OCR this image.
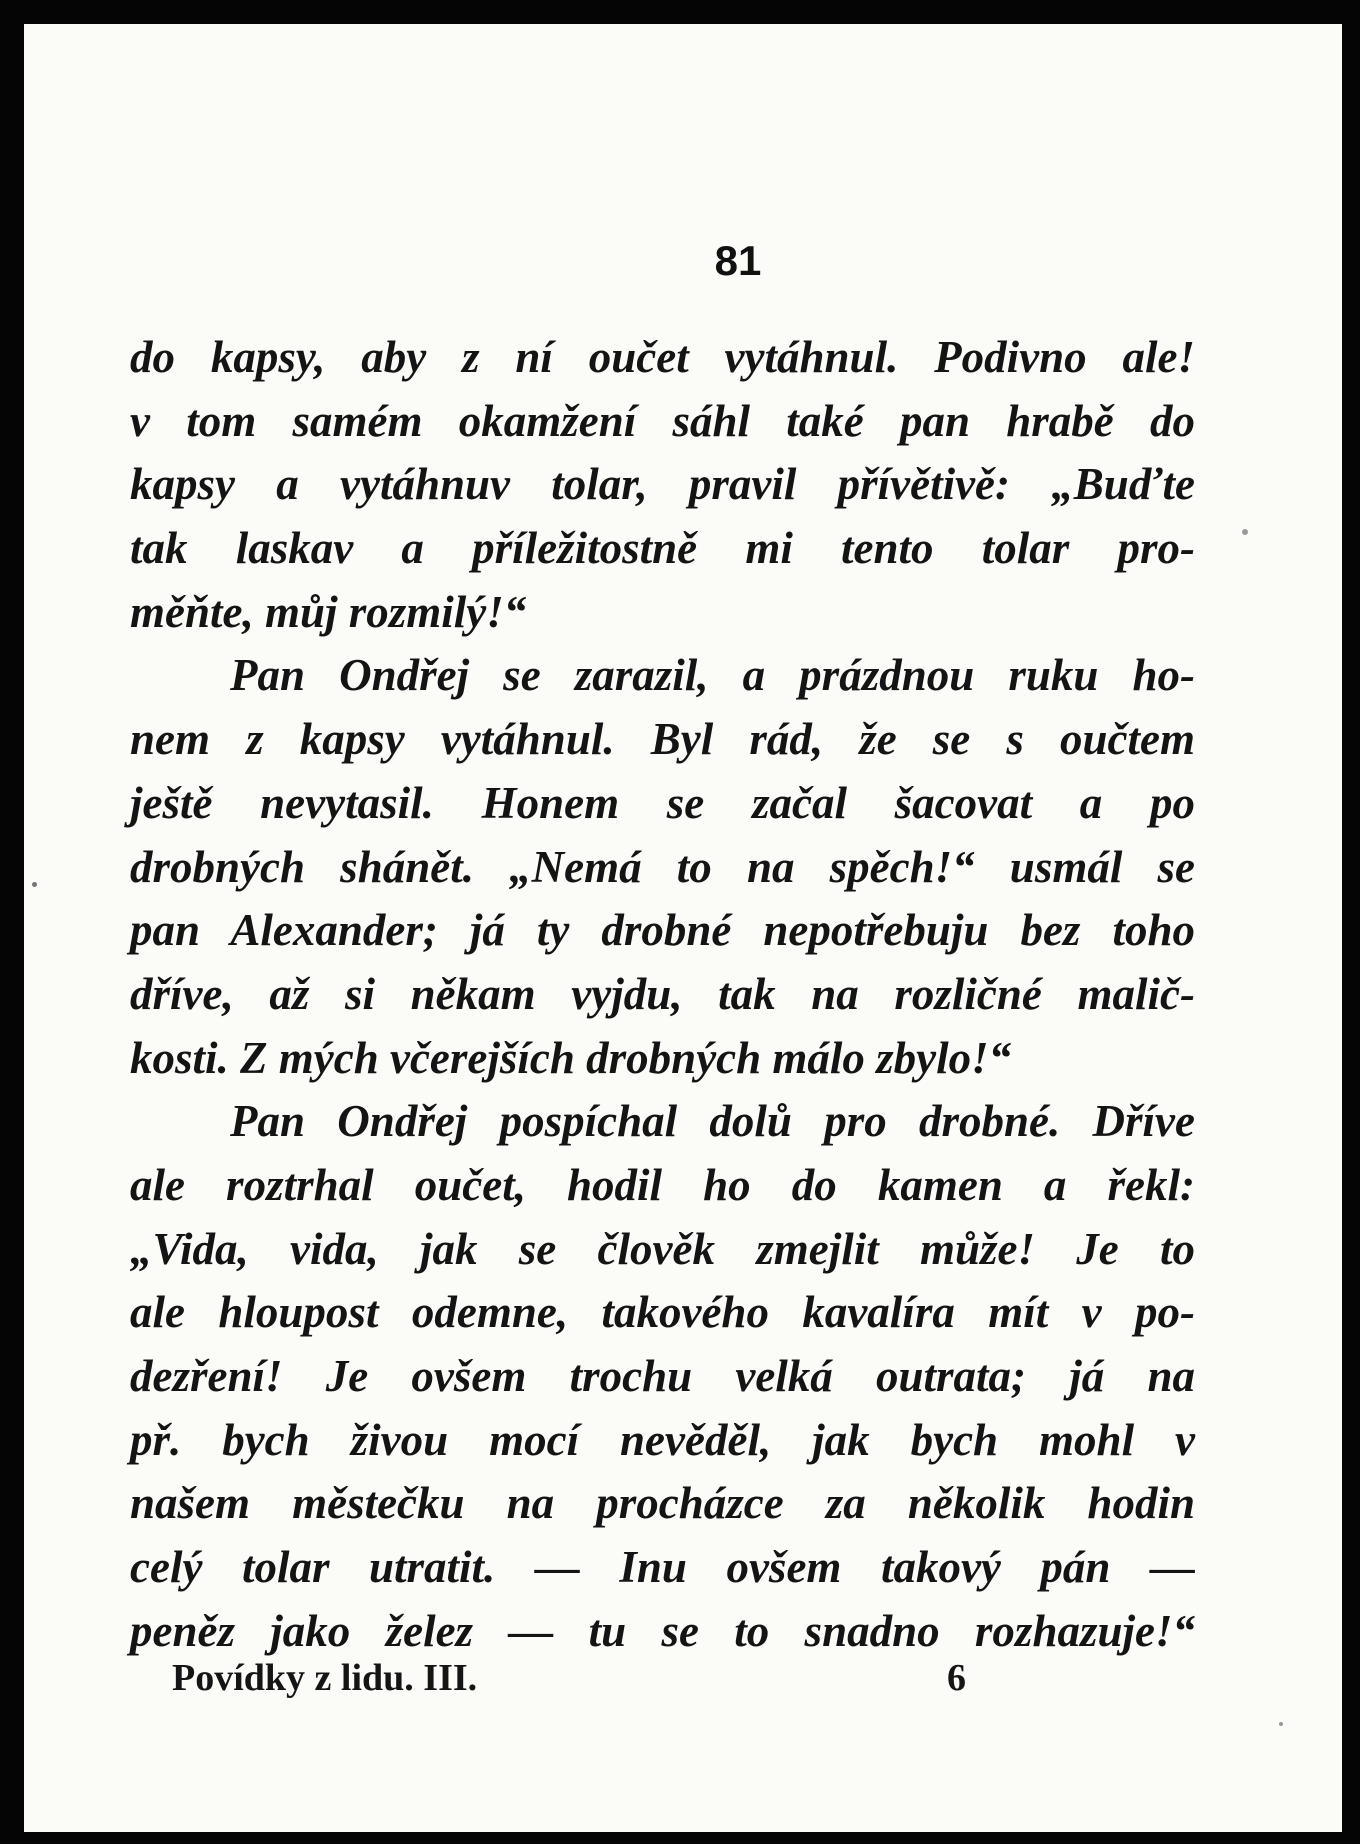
81
do kapsy, aby z ní oučet vytáhnul. Podivno ale!
v tom samém okamžení sáhl také pan hrabě do
kapsy a vytáhnuv tolar, pravil přívětivě: „Buďte
tak laskav a příležitostně mi tento tolar pro-
měňte, můj rozmilý!“
Pan Ondřej se zarazil, a prázdnou ruku ho-
nem z kapsy vytáhnul. Byl rád, že se s oučtem
ještě nevytasil. Honem se začal šacovat a po
drobných shánět. „Nemá to na spěch!“ usmál se
pan Alexander; já ty drobné nepotřebuju bez toho
dříve, až si někam vyjdu, tak na rozličné malič-
kosti. Z mých včerejších drobných málo zbylo!“
Pan Ondřej pospíchal dolů pro drobné. Dříve
ale roztrhal oučet, hodil ho do kamen a řekl:
„Vida, vida, jak se člověk zmejlit může! Je to
ale hloupost odemne, takového kavalíra mít v po-
dezření! Je ovšem trochu velká outrata; já na
př. bych živou mocí nevěděl, jak bych mohl v
našem městečku na procházce za několik hodin
celý tolar utratit. — Inu ovšem takový pán —
peněz jako želez — tu se to snadno rozhazuje!“
Povídky z lidu. III.	6
